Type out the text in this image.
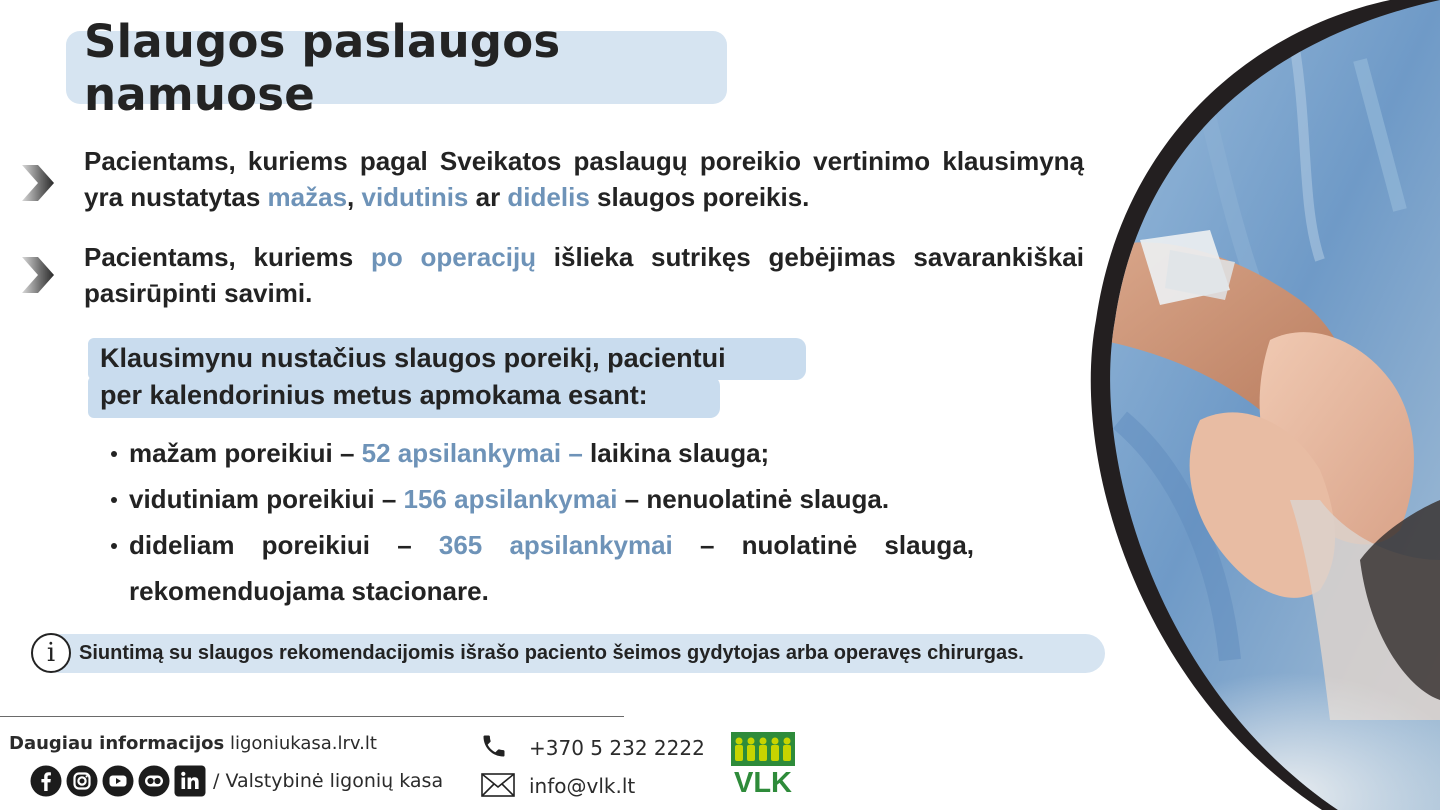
Slaugos paslaugos namuose
Pacientams, kuriems pagal Sveikatos paslaugų poreikio vertinimo klausimyną yra nustatytas mažas, vidutinis ar didelis slaugos poreikis.
Pacientams, kuriems po operacijų išlieka sutrikęs gebėjimas savarankiškai pasirūpinti savimi.
Klausimynu nustačius slaugos poreikį, pacientui
per kalendorinius metus apmokama esant:
mažam poreikiui – 52 apsilankymai – laikina slauga;
vidutiniam poreikiui – 156 apsilankymai – nenuolatinė slauga.
dideliam poreikiui – 365 apsilankymai – nuolatinė slauga, rekomenduojama stacionare.
i Siuntimą su slaugos rekomendacijomis išrašo paciento šeimos gydytojas arba operavęs chirurgas.
Daugiau informacijos ligoniukasa.lrv.lt
/ Valstybinė ligonių kasa
+370 5 232 2222
info@vlk.lt	VLK
